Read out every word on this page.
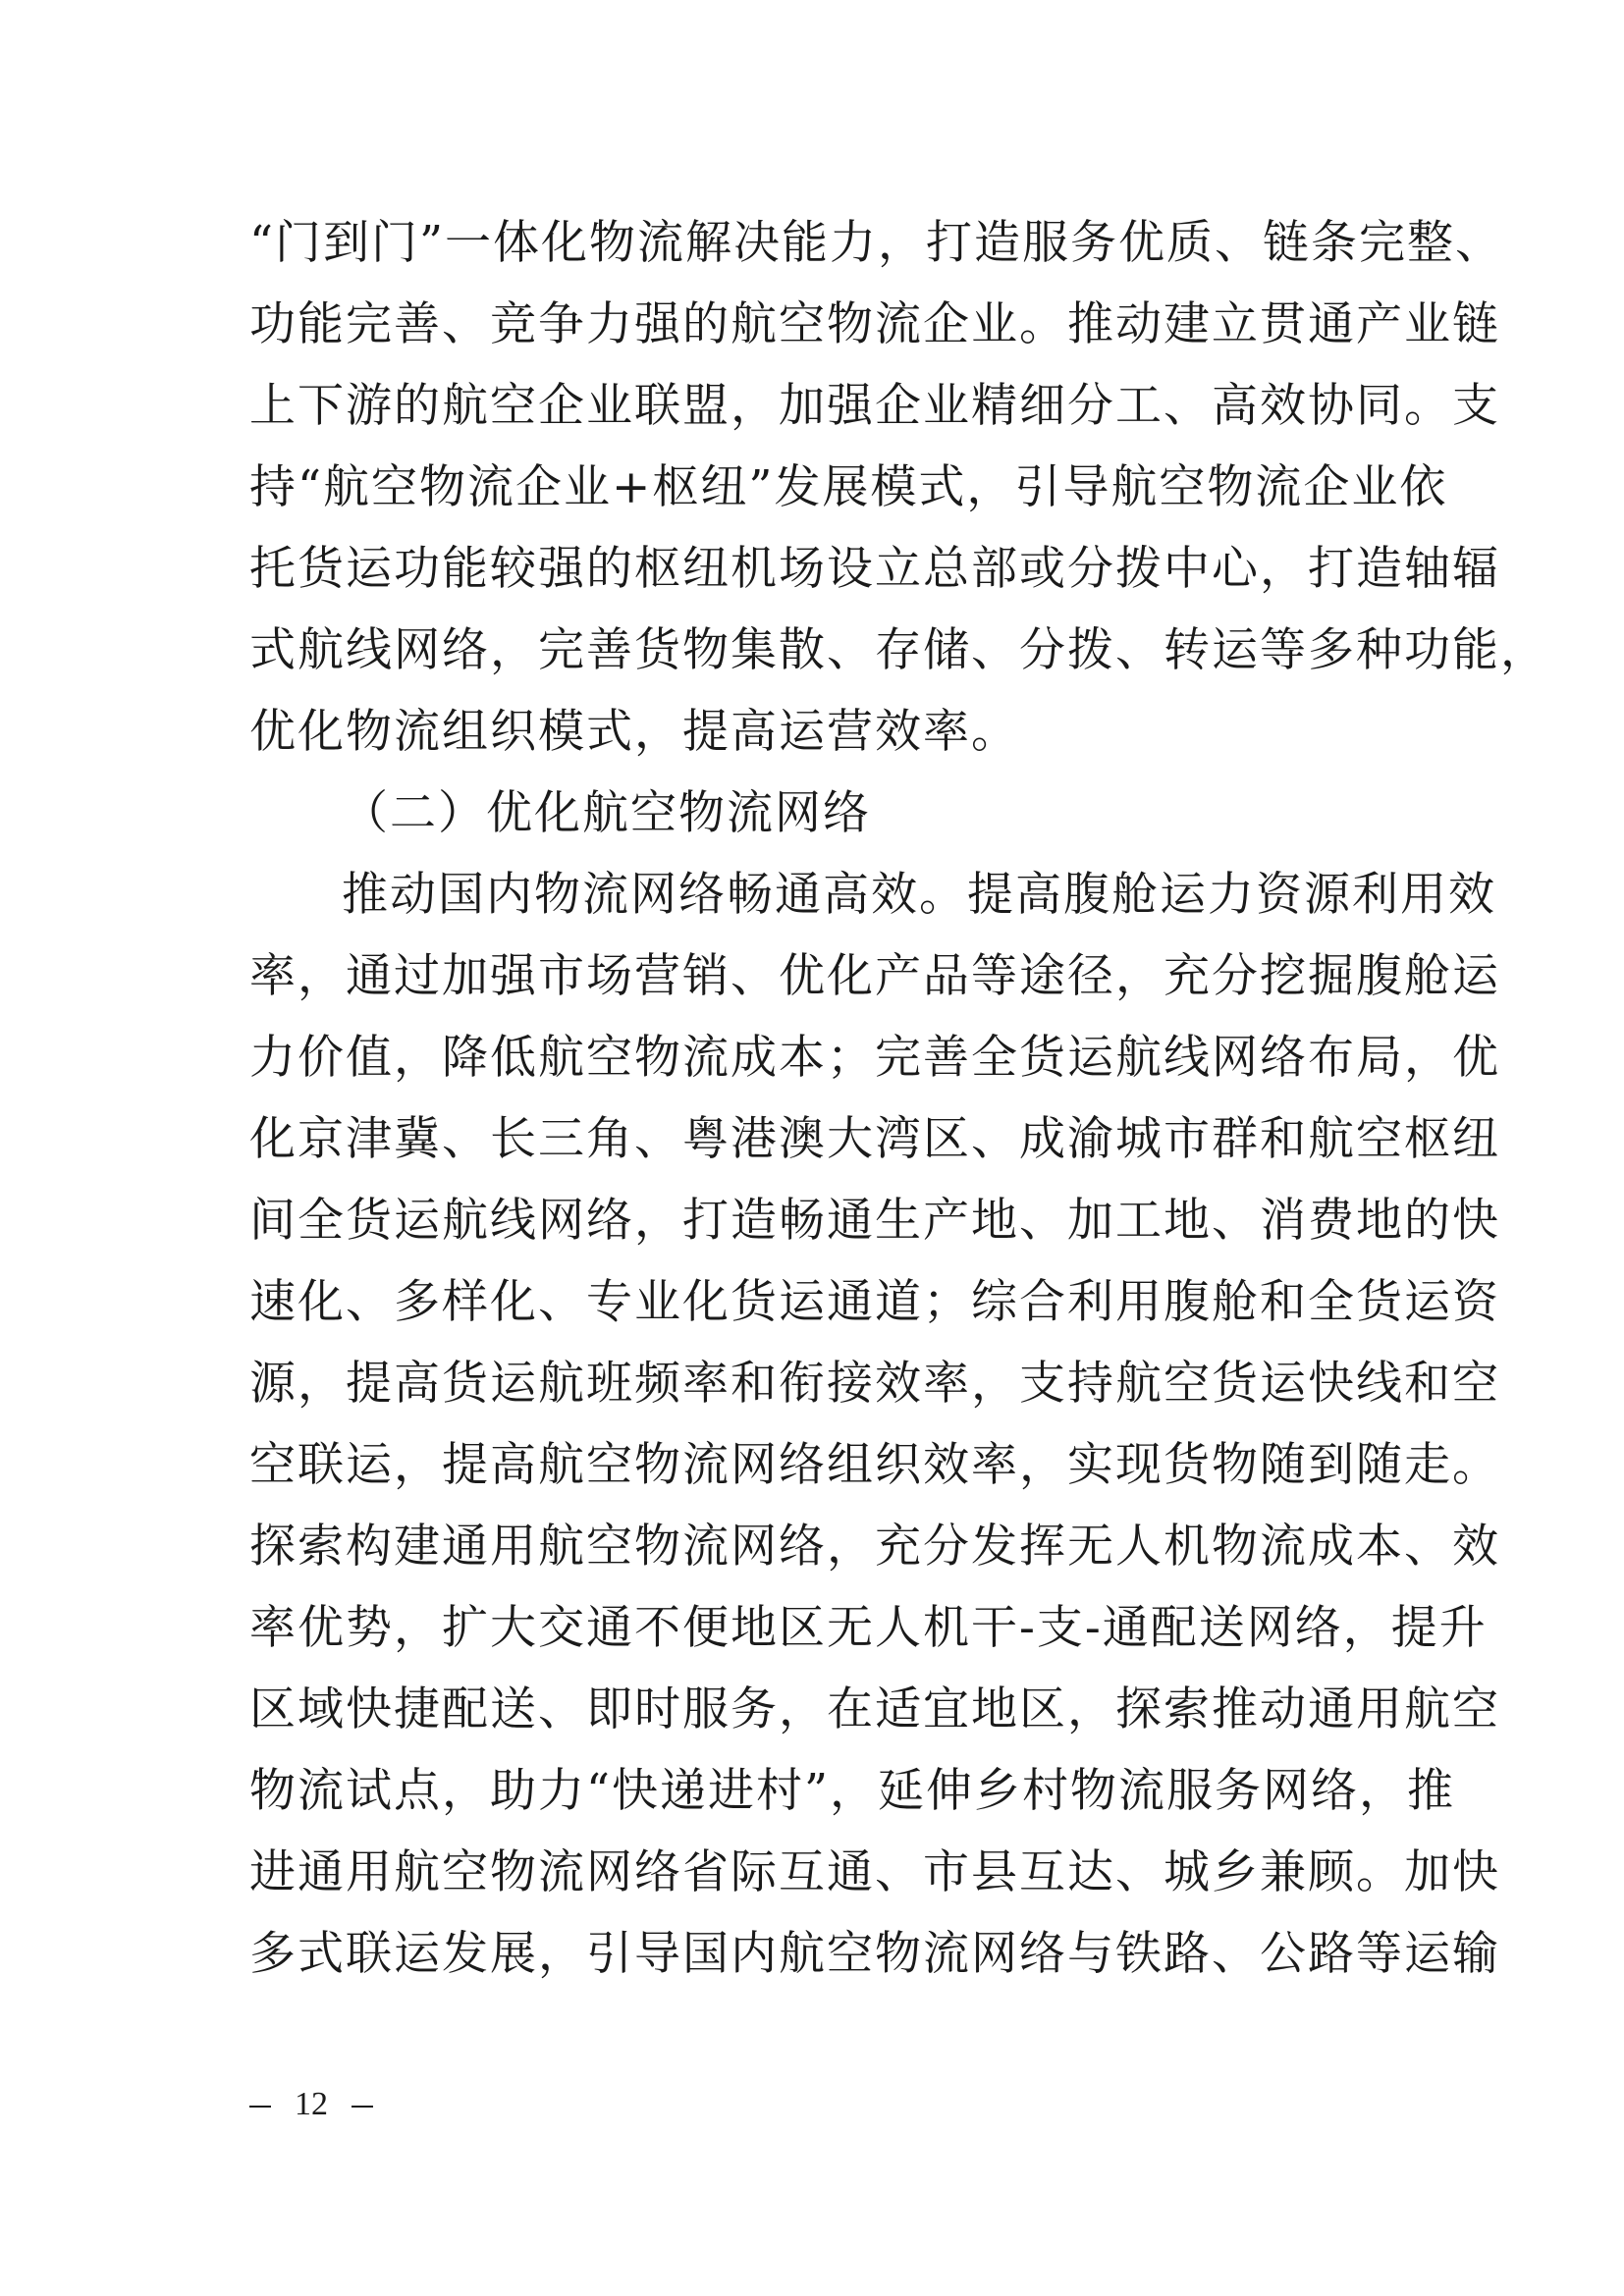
“门到门”一体化物流解决能力，打造服务优质、链条完整、
功能完善、竞争力强的航空物流企业。推动建立贯通产业链
上下游的航空企业联盟，加强企业精细分工、高效协同。支
持“航空物流企业+枢纽”发展模式，引导航空物流企业依
托货运功能较强的枢纽机场设立总部或分拨中心，打造轴辐
式航线网络，完善货物集散、存储、分拨、转运等多种功能，
优化物流组织模式，提高运营效率。
（二）优化航空物流网络
推动国内物流网络畅通高效。提高腹舱运力资源利用效
率，通过加强市场营销、优化产品等途径，充分挖掘腹舱运
力价值，降低航空物流成本；完善全货运航线网络布局，优
化京津冀、长三角、粤港澳大湾区、成渝城市群和航空枢纽
间全货运航线网络，打造畅通生产地、加工地、消费地的快
速化、多样化、专业化货运通道；综合利用腹舱和全货运资
源，提高货运航班频率和衔接效率，支持航空货运快线和空
空联运，提高航空物流网络组织效率，实现货物随到随走。
探索构建通用航空物流网络，充分发挥无人机物流成本、效
率优势，扩大交通不便地区无人机干-支-通配送网络，提升
区域快捷配送、即时服务，在适宜地区，探索推动通用航空
物流试点，助力“快递进村”，延伸乡村物流服务网络，推
进通用航空物流网络省际互通、市县互达、城乡兼顾。加快
多式联运发展，引导国内航空物流网络与铁路、公路等运输
12
